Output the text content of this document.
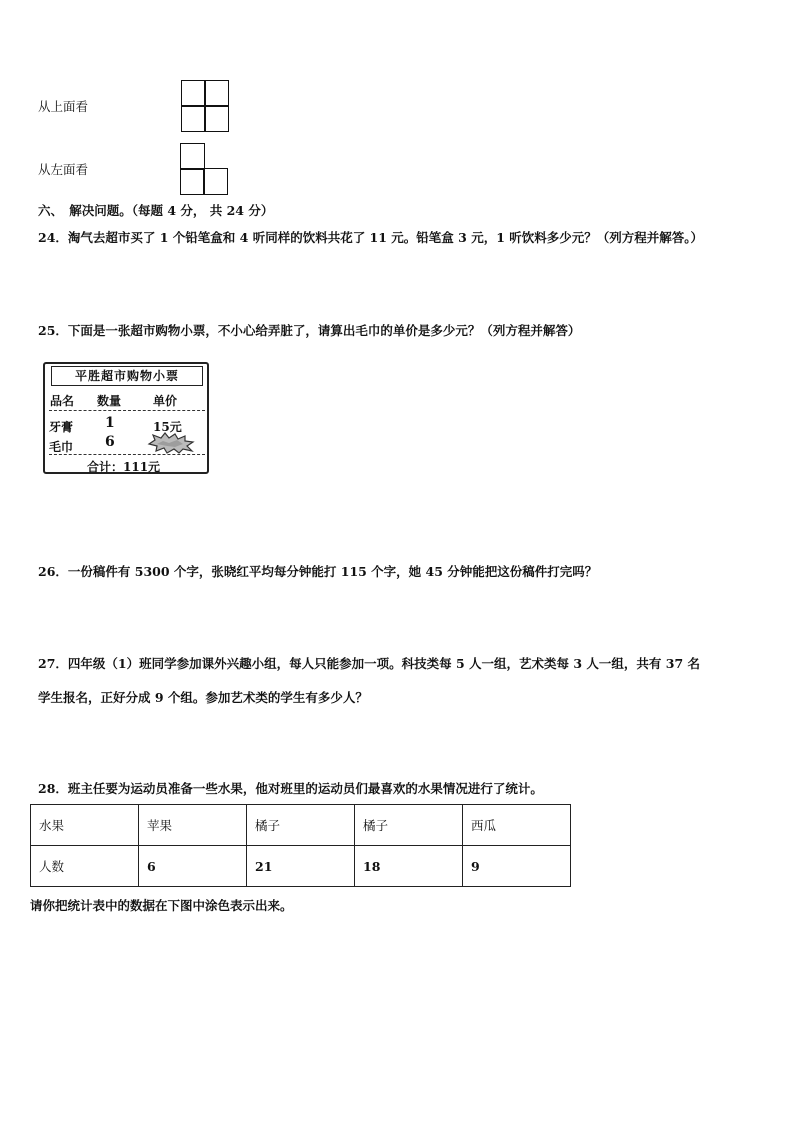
从上面看
从左面看
六、　解决问题。（每题 4 分， 共 24 分）
24．淘气去超市买了 1 个铅笔盒和 4 听同样的饮料共花了 11 元。铅笔盒 3 元，1 听饮料多少元？（列方程并解答。）
25．下面是一张超市购物小票，不小心给弄脏了，请算出毛巾的单价是多少元？（列方程并解答）
平胜超市购物小票
品名 数量	单价
牙膏 1	15元
毛巾 6
合计：111元
26．一份稿件有 5300 个字，张晓红平均每分钟能打 115 个字，她 45 分钟能把这份稿件打完吗？
27．四年级（1）班同学参加课外兴趣小组，每人只能参加一项。科技类每 5 人一组，艺术类每 3 人一组，共有 37 名
学生报名，正好分成 9 个组。参加艺术类的学生有多少人？
28．班主任要为运动员准备一些水果，他对班里的运动员们最喜欢的水果情况进行了统计。
水果	苹果	橘子	橘子	西瓜
人数	6	21	18	9
请你把统计表中的数据在下图中涂色表示出来。
